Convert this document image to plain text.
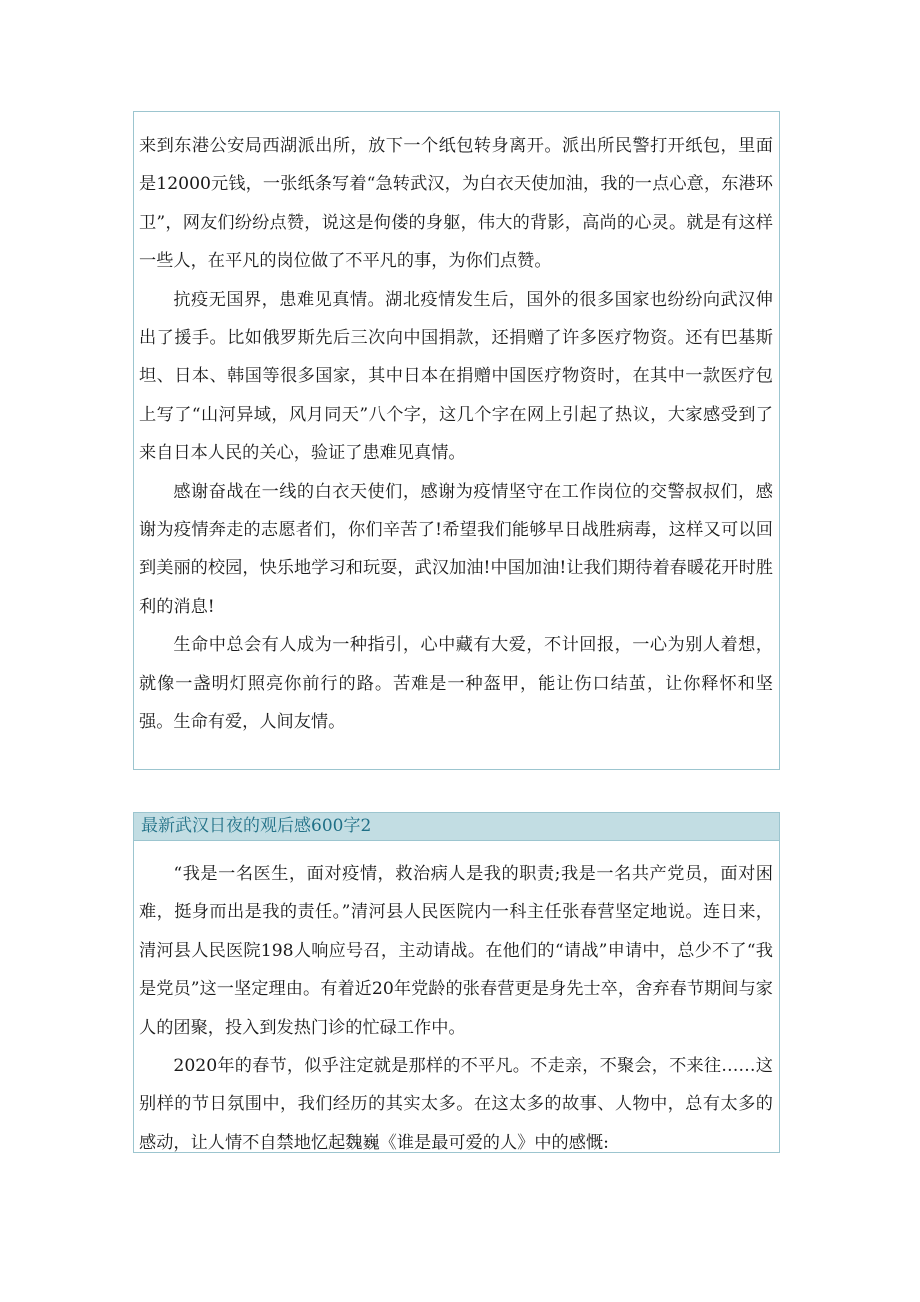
来到东港公安局西湖派出所，放下一个纸包转身离开。派出所民警打开纸包，里面是12000元钱，一张纸条写着“急转武汉，为白衣天使加油，我的一点心意，东港环卫”，网友们纷纷点赞，说这是佝偻的身躯，伟大的背影，高尚的心灵。就是有这样一些人，在平凡的岗位做了不平凡的事，为你们点赞。

抗疫无国界，患难见真情。湖北疫情发生后，国外的很多国家也纷纷向武汉伸出了援手。比如俄罗斯先后三次向中国捐款，还捐赠了许多医疗物资。还有巴基斯坦、日本、韩国等很多国家，其中日本在捐赠中国医疗物资时，在其中一款医疗包上写了“山河异域，风月同天”八个字，这几个字在网上引起了热议，大家感受到了来自日本人民的关心，验证了患难见真情。

感谢奋战在一线的白衣天使们，感谢为疫情坚守在工作岗位的交警叔叔们，感谢为疫情奔走的志愿者们，你们辛苦了!希望我们能够早日战胜病毒，这样又可以回到美丽的校园，快乐地学习和玩耍，武汉加油!中国加油!让我们期待着春暖花开时胜利的消息!

生命中总会有人成为一种指引，心中藏有大爱，不计回报，一心为别人着想，就像一盏明灯照亮你前行的路。苦难是一种盔甲，能让伤口结茧，让你释怀和坚强。生命有爱，人间友情。

最新武汉日夜的观后感600字2

“我是一名医生，面对疫情，救治病人是我的职责;我是一名共产党员，面对困难，挺身而出是我的责任。”清河县人民医院内一科主任张春营坚定地说。连日来，清河县人民医院198人响应号召，主动请战。在他们的“请战”申请中，总少不了“我是党员”这一坚定理由。有着近20年党龄的张春营更是身先士卒，舍弃春节期间与家人的团聚，投入到发热门诊的忙碌工作中。

2020年的春节，似乎注定就是那样的不平凡。不走亲，不聚会，不来往……这别样的节日氛围中，我们经历的其实太多。在这太多的故事、人物中，总有太多的感动，让人情不自禁地忆起魏巍《谁是最可爱的人》中的感慨:
